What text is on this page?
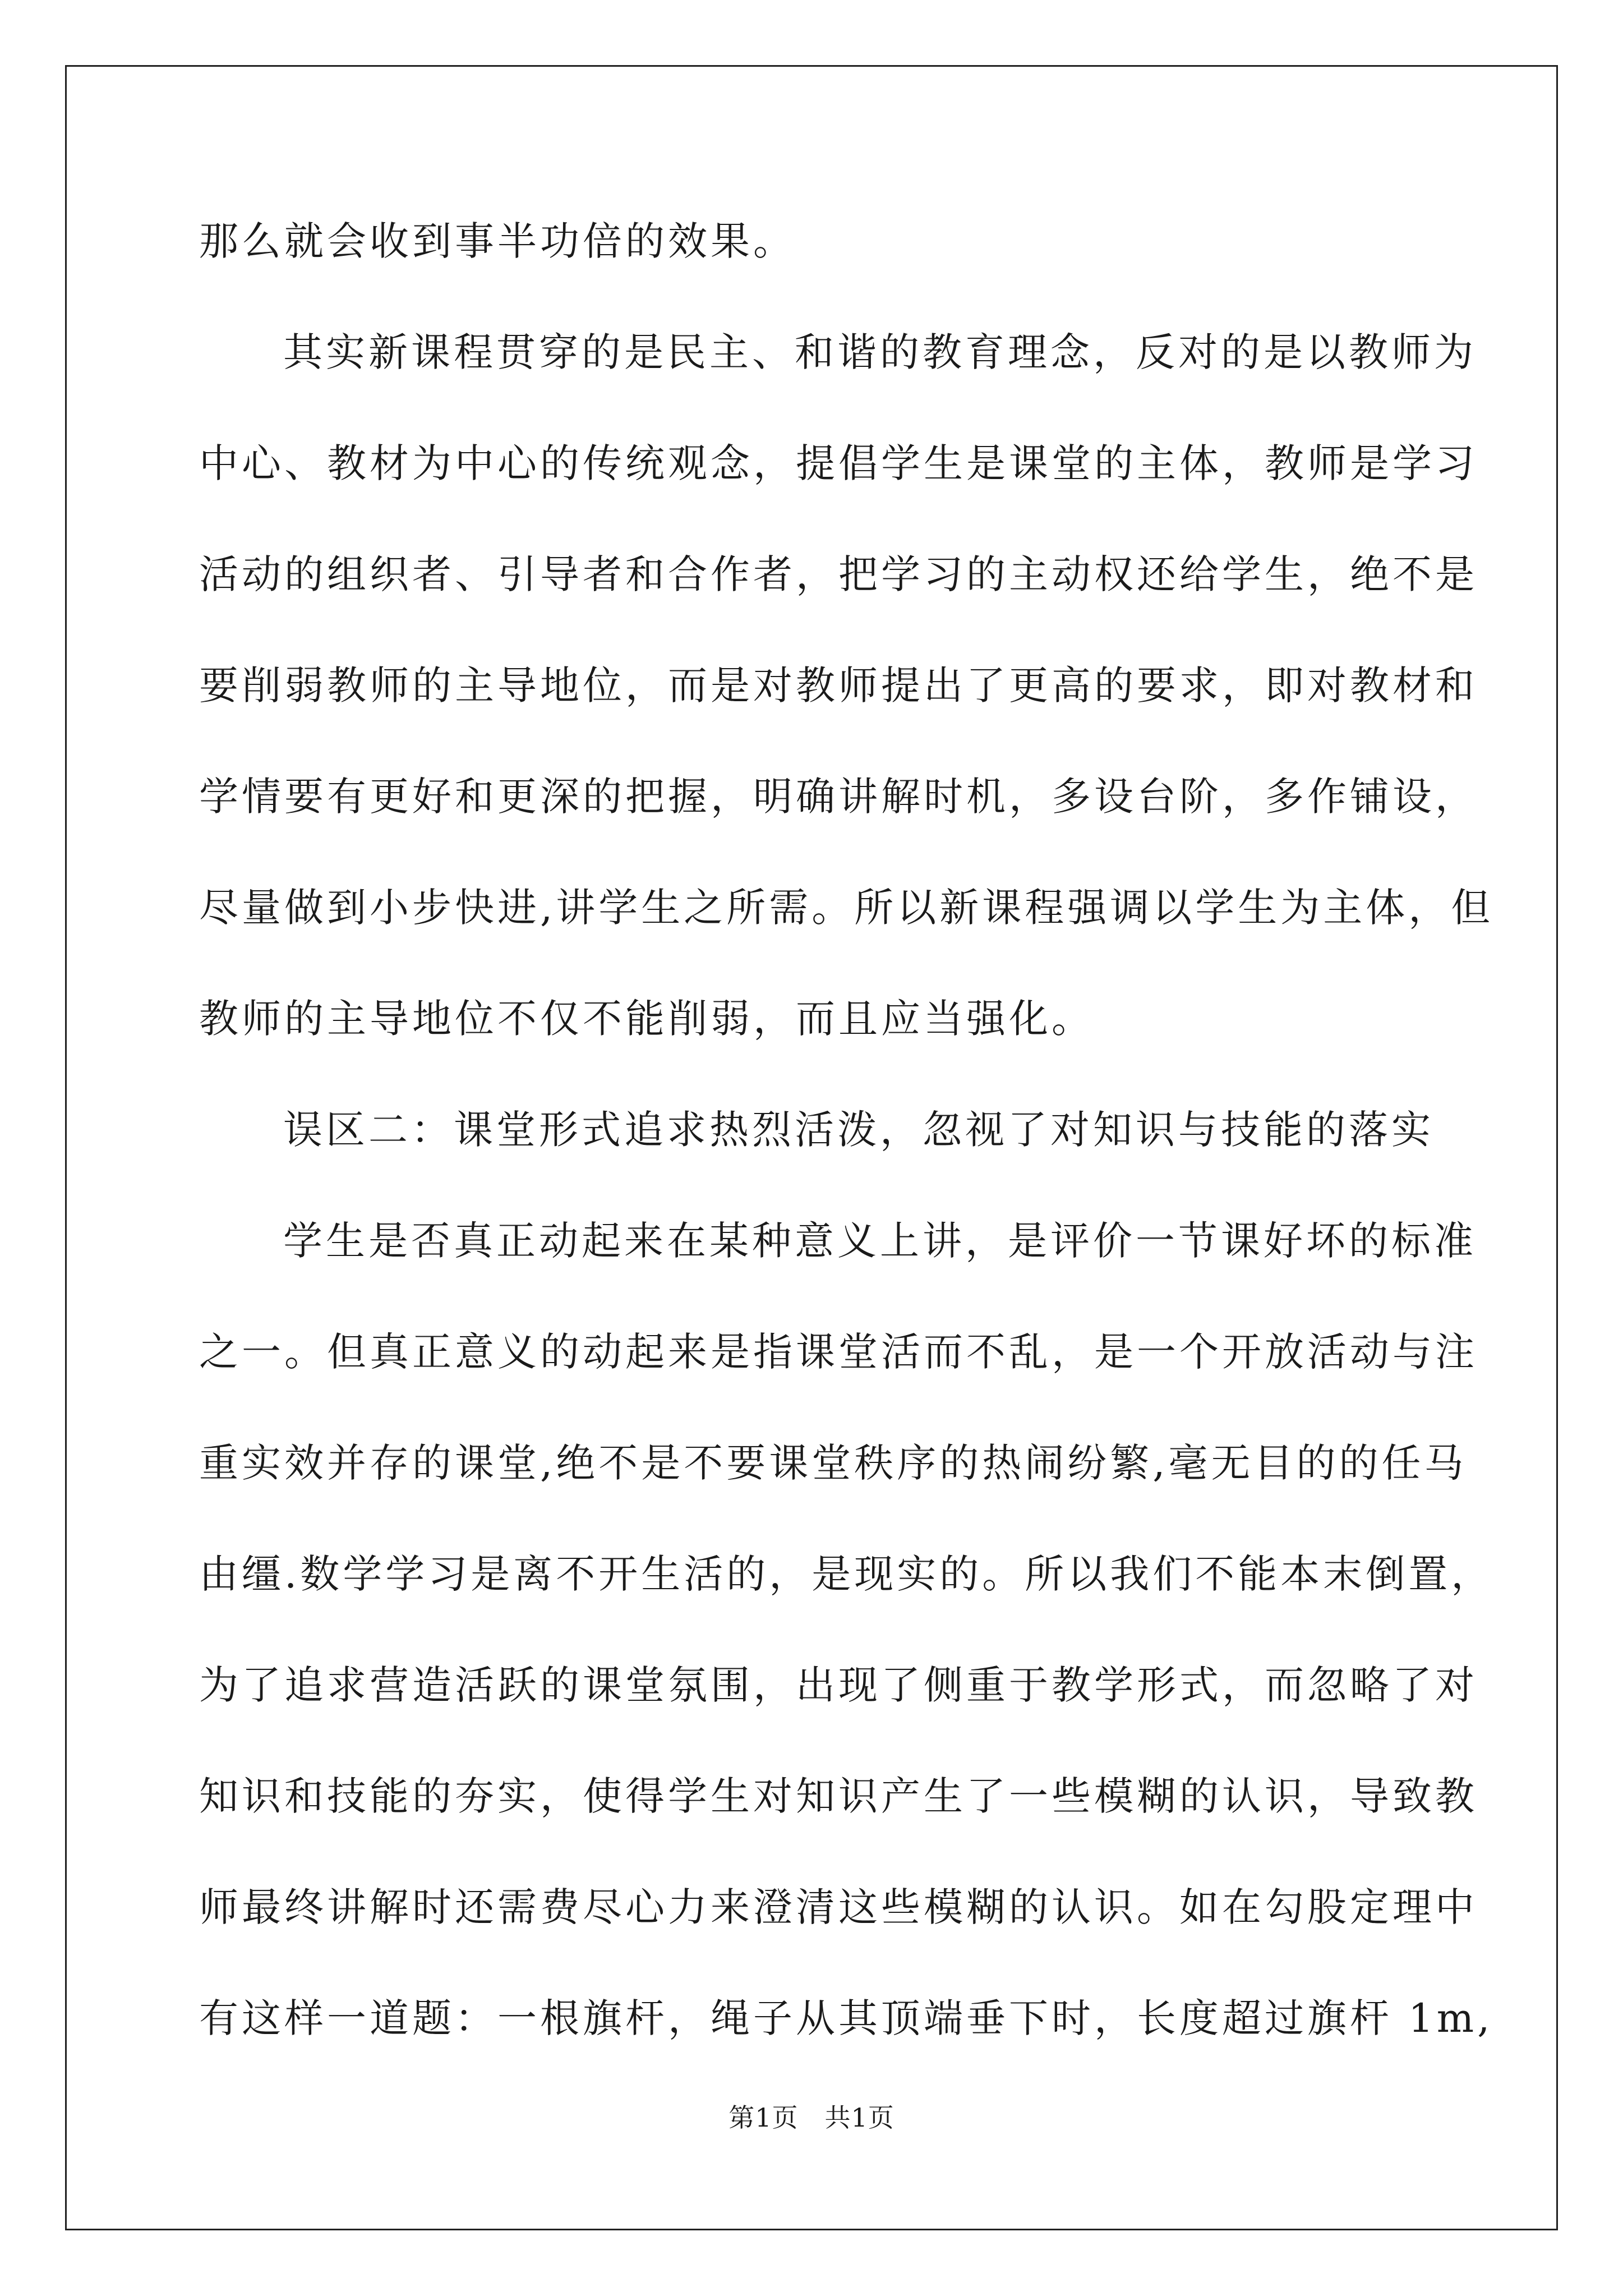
那么就会收到事半功倍的效果。
其实新课程贯穿的是民主、和谐的教育理念，反对的是以教师为
中心、教材为中心的传统观念，提倡学生是课堂的主体，教师是学习
活动的组织者、引导者和合作者，把学习的主动权还给学生，绝不是
要削弱教师的主导地位，而是对教师提出了更高的要求，即对教材和
学情要有更好和更深的把握，明确讲解时机，多设台阶，多作铺设，
尽量做到小步快进,讲学生之所需。所以新课程强调以学生为主体，但
教师的主导地位不仅不能削弱，而且应当强化。
误区二：课堂形式追求热烈活泼，忽视了对知识与技能的落实
学生是否真正动起来在某种意义上讲，是评价一节课好坏的标准
之一。但真正意义的动起来是指课堂活而不乱，是一个开放活动与注
重实效并存的课堂,绝不是不要课堂秩序的热闹纷繁,毫无目的的任马
由缰.数学学习是离不开生活的，是现实的。所以我们不能本末倒置，
为了追求营造活跃的课堂氛围，出现了侧重于教学形式，而忽略了对
知识和技能的夯实，使得学生对知识产生了一些模糊的认识，导致教
师最终讲解时还需费尽心力来澄清这些模糊的认识。如在勾股定理中
有这样一道题：一根旗杆，绳子从其顶端垂下时，长度超过旗杆 1m,
第1页　共1页
